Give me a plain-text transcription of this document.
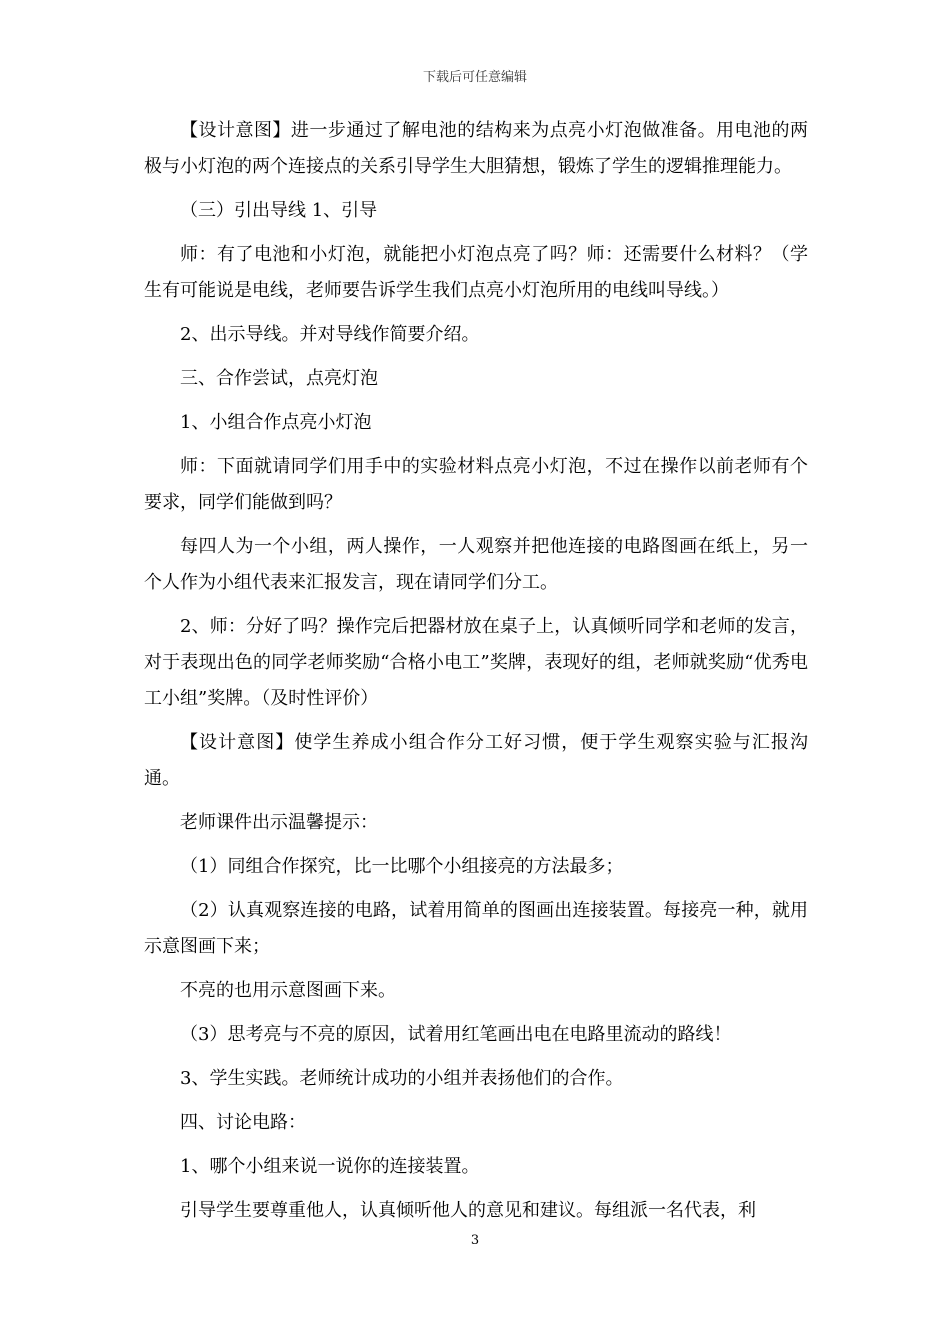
下载后可任意编辑

【设计意图】进一步通过了解电池的结构来为点亮小灯泡做准备。用电池的两极与小灯泡的两个连接点的关系引导学生大胆猜想，锻炼了学生的逻辑推理能力。

（三）引出导线 1、引导

师：有了电池和小灯泡，就能把小灯泡点亮了吗？师：还需要什么材料？（学生有可能说是电线，老师要告诉学生我们点亮小灯泡所用的电线叫导线。）

2、出示导线。并对导线作简要介绍。

三、合作尝试，点亮灯泡

1、小组合作点亮小灯泡

师：下面就请同学们用手中的实验材料点亮小灯泡，不过在操作以前老师有个要求，同学们能做到吗？

每四人为一个小组，两人操作，一人观察并把他连接的电路图画在纸上，另一个人作为小组代表来汇报发言，现在请同学们分工。

2、师：分好了吗？操作完后把器材放在桌子上，认真倾听同学和老师的发言，对于表现出色的同学老师奖励“合格小电工”奖牌，表现好的组，老师就奖励“优秀电工小组”奖牌。（及时性评价）

【设计意图】使学生养成小组合作分工好习惯，便于学生观察实验与汇报沟通。

老师课件出示温馨提示：

（1）同组合作探究，比一比哪个小组接亮的方法最多；

（2）认真观察连接的电路，试着用简单的图画出连接装置。每接亮一种，就用示意图画下来；

不亮的也用示意图画下来。

（3）思考亮与不亮的原因，试着用红笔画出电在电路里流动的路线！

3、学生实践。老师统计成功的小组并表扬他们的合作。

四、讨论电路：

1、哪个小组来说一说你的连接装置。

引导学生要尊重他人，认真倾听他人的意见和建议。每组派一名代表，利

3
